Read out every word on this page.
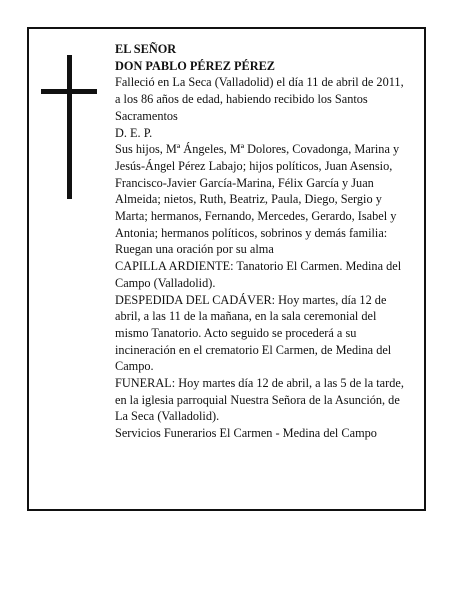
EL SEÑOR

DON PABLO PÉREZ PÉREZ

Falleció en La Seca (Valladolid) el día 11 de abril de 2011, a los 86 años de edad, habiendo recibido los Santos Sacramentos

D. E. P.

Sus hijos, Mª Ángeles, Mª Dolores, Covadonga, Marina y Jesús-Ángel Pérez Labajo; hijos políticos, Juan Asensio, Francisco-Javier García-Marina, Félix García y Juan Almeida; nietos, Ruth, Beatriz, Paula, Diego, Sergio y Marta; hermanos, Fernando, Mercedes, Gerardo, Isabel y Antonia; hermanos políticos, sobrinos y demás familia:

Ruegan una oración por su alma

CAPILLA ARDIENTE: Tanatorio El Carmen. Medina del Campo (Valladolid).

DESPEDIDA DEL CADÁVER: Hoy martes, día 12 de abril, a las 11 de la mañana, en la sala ceremonial del mismo Tanatorio. Acto seguido se procederá a su incineración en el crematorio El Carmen, de Medina del Campo.

FUNERAL: Hoy martes día 12 de abril, a las 5 de la tarde, en la iglesia parroquial Nuestra Señora de la Asunción, de La Seca (Valladolid).

Servicios Funerarios El Carmen - Medina del Campo
